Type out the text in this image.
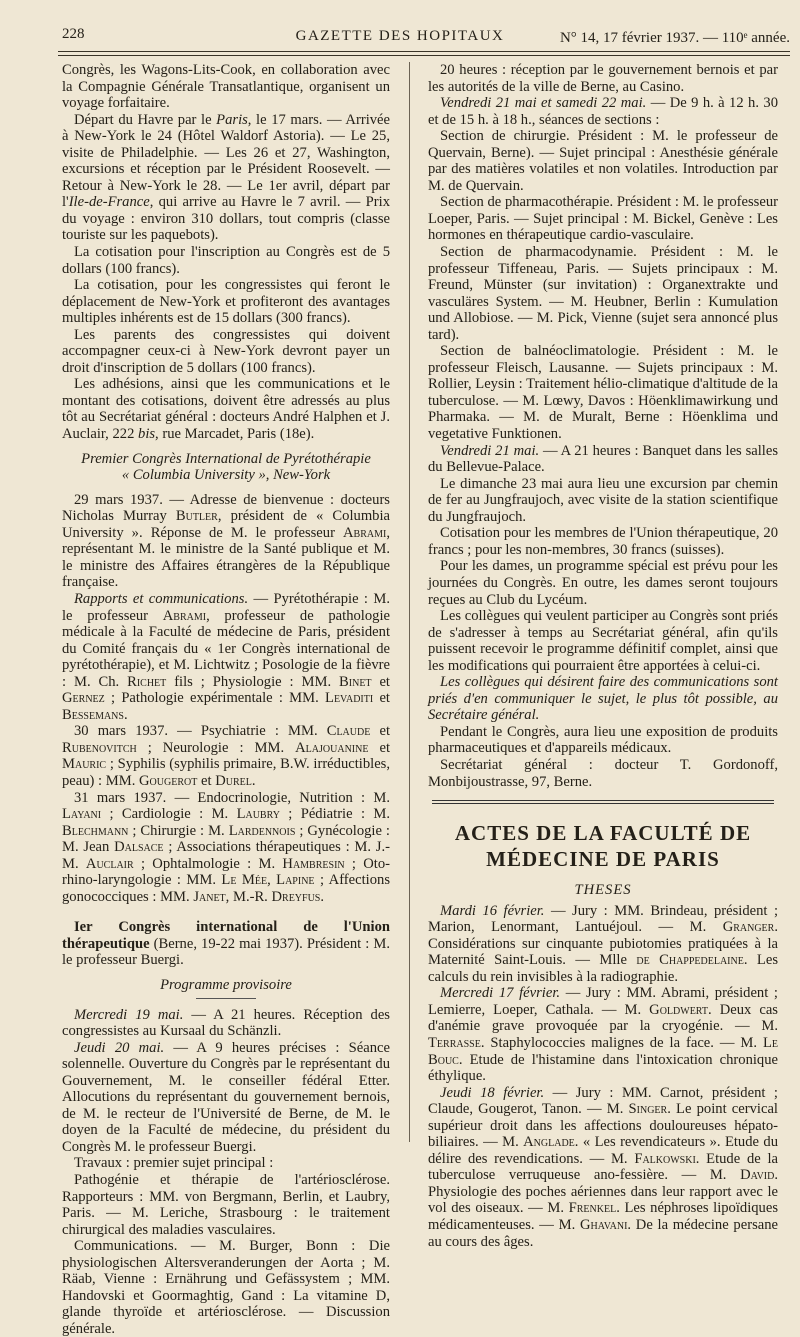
228	GAZETTE DES HOPITAUX	N° 14, 17 février 1937. — 110ᵉ année.

Congrès, les Wagons-Lits-Cook, en collaboration avec la Compagnie Générale Transatlantique, organisent un voyage forfaitaire.

Départ du Havre par le Paris, le 17 mars. — Arrivée à New-York le 24 (Hôtel Waldorf Astoria). — Le 25, visite de Philadelphie. — Les 26 et 27, Washington, excursions et réception par le Président Roosevelt. — Retour à New-York le 28. — Le 1er avril, départ par l'Ile-de-France, qui arrive au Havre le 7 avril. — Prix du voyage : environ 310 dollars, tout compris (classe touriste sur les paquebots).

La cotisation pour l'inscription au Congrès est de 5 dollars (100 francs).

La cotisation, pour les congressistes qui feront le déplacement de New-York et profiteront des avantages multiples inhérents est de 15 dollars (300 francs).

Les parents des congressistes qui doivent accompagner ceux-ci à New-York devront payer un droit d'inscription de 5 dollars (100 francs).

Les adhésions, ainsi que les communications et le montant des cotisations, doivent être adressés au plus tôt au Secrétariat général : docteurs André Halphen et J. Auclair, 222 bis, rue Marcadet, Paris (18e).

Premier Congrès International de Pyrétothérapie

« Columbia University », New-York

29 mars 1937. — Adresse de bienvenue : docteurs Nicholas Murray Butler, président de « Columbia University ». Réponse de M. le professeur Abrami, représentant M. le ministre de la Santé publique et M. le ministre des Affaires étrangères de la République française.

Rapports et communications. — Pyrétothérapie : M. le professeur Abrami, professeur de pathologie médicale à la Faculté de médecine de Paris, président du Comité français du « 1er Congrès international de pyrétothérapie), et M. Lichtwitz ; Posologie de la fièvre : M. Ch. Richet fils ; Physiologie : MM. Binet et Gernez ; Pathologie expérimentale : MM. Levaditi et Bessemans.

30 mars 1937. — Psychiatrie : MM. Claude et Rubenovitch ; Neurologie : MM. Alajouanine et Mauric ; Syphilis (syphilis primaire, B.W. irréductibles, peau) : MM. Gougerot et Durel.

31 mars 1937. — Endocrinologie, Nutrition : M. Layani ; Cardiologie : M. Laubry ; Pédiatrie : M. Blechmann ; Chirurgie : M. Lardennois ; Gynécologie : M. Jean Dalsace ; Associations thérapeutiques : M. J.-M. Auclair ; Ophtalmologie : M. Hambresin ; Oto-rhino-laryngologie : MM. Le Mée, Lapine ; Affections gonococciques : MM. Janet, M.-R. Dreyfus.

Ier Congrès international de l'Union thérapeutique (Berne, 19-22 mai 1937). Président : M. le professeur Buergi.

Programme provisoire

Mercredi 19 mai. — A 21 heures. Réception des congressistes au Kursaal du Schänzli.

Jeudi 20 mai. — A 9 heures précises : Séance solennelle. Ouverture du Congrès par le représentant du Gouvernement, M. le conseiller fédéral Etter. Allocutions du représentant du gouvernement bernois, de M. le recteur de l'Université de Berne, de M. le doyen de la Faculté de médecine, du président du Congrès M. le professeur Buergi.

Travaux : premier sujet principal :

Pathogénie et thérapie de l'artériosclérose. Rapporteurs : MM. von Bergmann, Berlin, et Laubry, Paris. — M. Leriche, Strasbourg : le traitement chirurgical des maladies vasculaires.

Communications. — M. Burger, Bonn : Die physiologischen Altersveranderungen der Aorta ; M. Räab, Vienne : Ernährung und Gefässystem ; MM. Handovski et Goormaghtig, Gand : La vitamine D, glande thyroïde et artériosclérose. — Discussion générale.

20 heures : réception par le gouvernement bernois et par les autorités de la ville de Berne, au Casino.

Vendredi 21 mai et samedi 22 mai. — De 9 h. à 12 h. 30 et de 15 h. à 18 h., séances de sections :

Section de chirurgie. Président : M. le professeur de Quervain, Berne). — Sujet principal : Anesthésie générale par des matières volatiles et non volatiles. Introduction par M. de Quervain.

Section de pharmacothérapie. Président : M. le professeur Loeper, Paris. — Sujet principal : M. Bickel, Genève : Les hormones en thérapeutique cardio-vasculaire.

Section de pharmacodynamie. Président : M. le professeur Tiffeneau, Paris. — Sujets principaux : M. Freund, Münster (sur invitation) : Organextrakte und vasculäres System. — M. Heubner, Berlin : Kumulation und Allobiose. — M. Pick, Vienne (sujet sera annoncé plus tard).

Section de balnéoclimatologie. Président : M. le professeur Fleisch, Lausanne. — Sujets principaux : M. Rollier, Leysin : Traitement hélio-climatique d'altitude de la tuberculose. — M. Lœwy, Davos : Höenklimawirkung und Pharmaka. — M. de Muralt, Berne : Höenklima und vegetative Funktionen.

Vendredi 21 mai. — A 21 heures : Banquet dans les salles du Bellevue-Palace.

Le dimanche 23 mai aura lieu une excursion par chemin de fer au Jungfraujoch, avec visite de la station scientifique du Jungfraujoch.

Cotisation pour les membres de l'Union thérapeutique, 20 francs ; pour les non-membres, 30 francs (suisses).

Pour les dames, un programme spécial est prévu pour les journées du Congrès. En outre, les dames seront toujours reçues au Club du Lycéum.

Les collègues qui veulent participer au Congrès sont priés de s'adresser à temps au Secrétariat général, afin qu'ils puissent recevoir le programme définitif complet, ainsi que les modifications qui pourraient être apportées à celui-ci.

Les collègues qui désirent faire des communications sont priés d'en communiquer le sujet, le plus tôt possible, au Secrétaire général.

Pendant le Congrès, aura lieu une exposition de produits pharmaceutiques et d'appareils médicaux.

Secrétariat général : docteur T. Gordonoff, Monbijoustrasse, 97, Berne.

ACTES DE LA FACULTÉ DE MÉDECINE DE PARIS

THESES

Mardi 16 février. — Jury : MM. Brindeau, président ; Marion, Lenormant, Lantuéjoul. — M. Granger. Considérations sur cinquante pubiotomies pratiquées à la Maternité Saint-Louis. — Mlle de Chappedelaine. Les calculs du rein invisibles à la radiographie.

Mercredi 17 février. — Jury : MM. Abrami, président ; Lemierre, Loeper, Cathala. — M. Goldwert. Deux cas d'anémie grave provoquée par la cryogénie. — M. Terrasse. Staphylococcies malignes de la face. — M. Le Bouc. Etude de l'histamine dans l'intoxication chronique éthylique.

Jeudi 18 février. — Jury : MM. Carnot, président ; Claude, Gougerot, Tanon. — M. Singer. Le point cervical supérieur droit dans les affections douloureuses hépato-biliaires. — M. Anglade. « Les revendicateurs ». Etude du délire des revendications. — M. Falkowski. Etude de la tuberculose verruqueuse ano-fessière. — M. David. Physiologie des poches aériennes dans leur rapport avec le vol des oiseaux. — M. Frenkel. Les néphroses lipoïdiques médicamenteuses. — M. Ghavani. De la médecine persane au cours des âges.
